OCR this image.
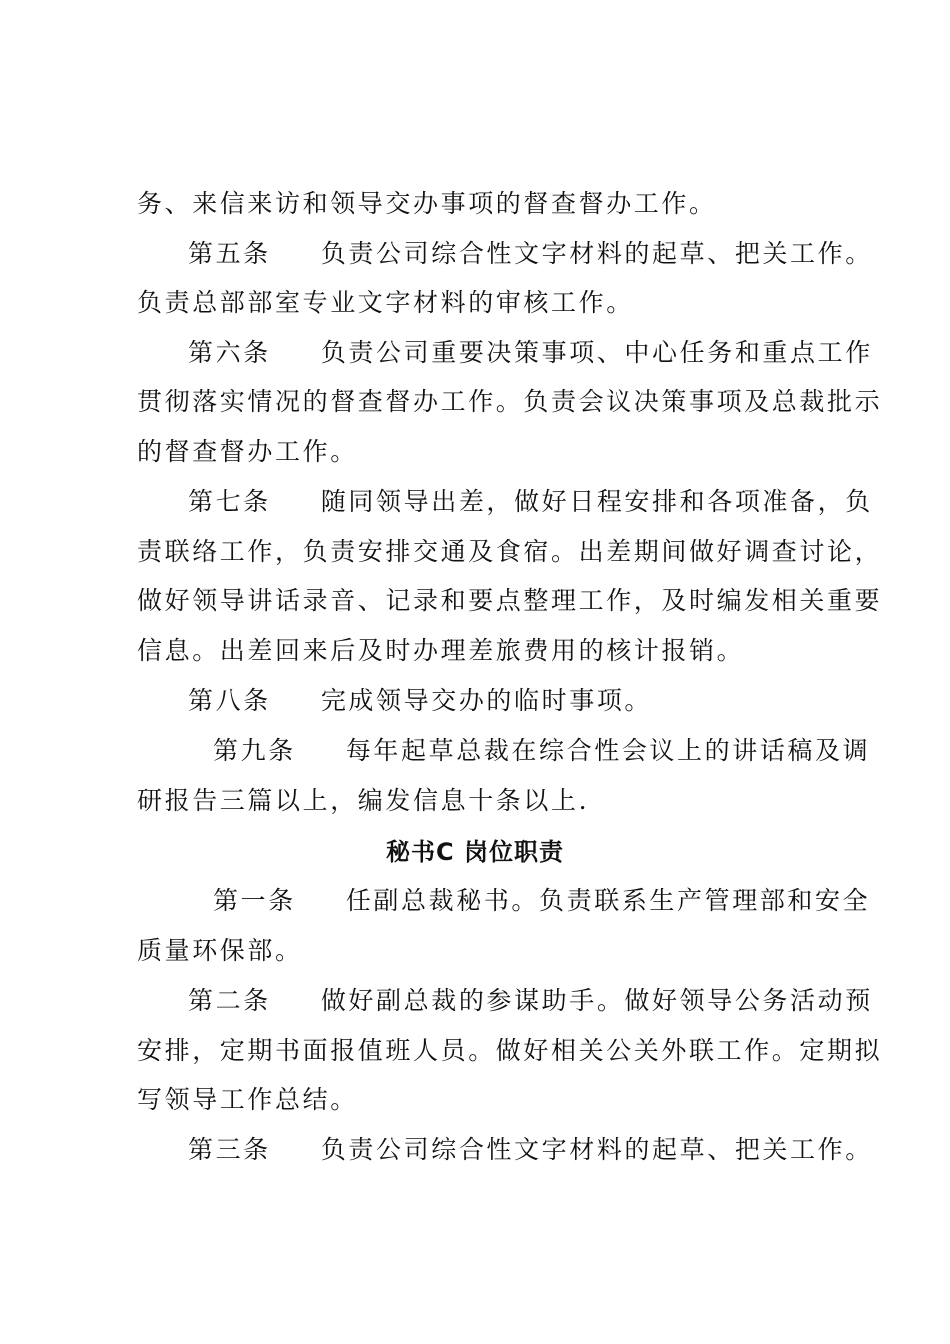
务、来信来访和领导交办事项的督查督办工作。
第五条 负责公司综合性文字材料的起草、把关工作。
负责总部部室专业文字材料的审核工作。
第六条 负责公司重要决策事项、中心任务和重点工作
贯彻落实情况的督查督办工作。负责会议决策事项及总裁批示
的督查督办工作。
第七条 随同领导出差，做好日程安排和各项准备，负
责联络工作，负责安排交通及食宿。出差期间做好调查讨论，
做好领导讲话录音、记录和要点整理工作，及时编发相关重要
信息。出差回来后及时办理差旅费用的核计报销。
第八条 完成领导交办的临时事项。
第九条 每年起草总裁在综合性会议上的讲话稿及调
研报告三篇以上，编发信息十条以上.
秘书C 岗位职责
第一条 任副总裁秘书。负责联系生产管理部和安全
质量环保部。
第二条 做好副总裁的参谋助手。做好领导公务活动预
安排，定期书面报值班人员。做好相关公关外联工作。定期拟
写领导工作总结。
第三条 负责公司综合性文字材料的起草、把关工作。
